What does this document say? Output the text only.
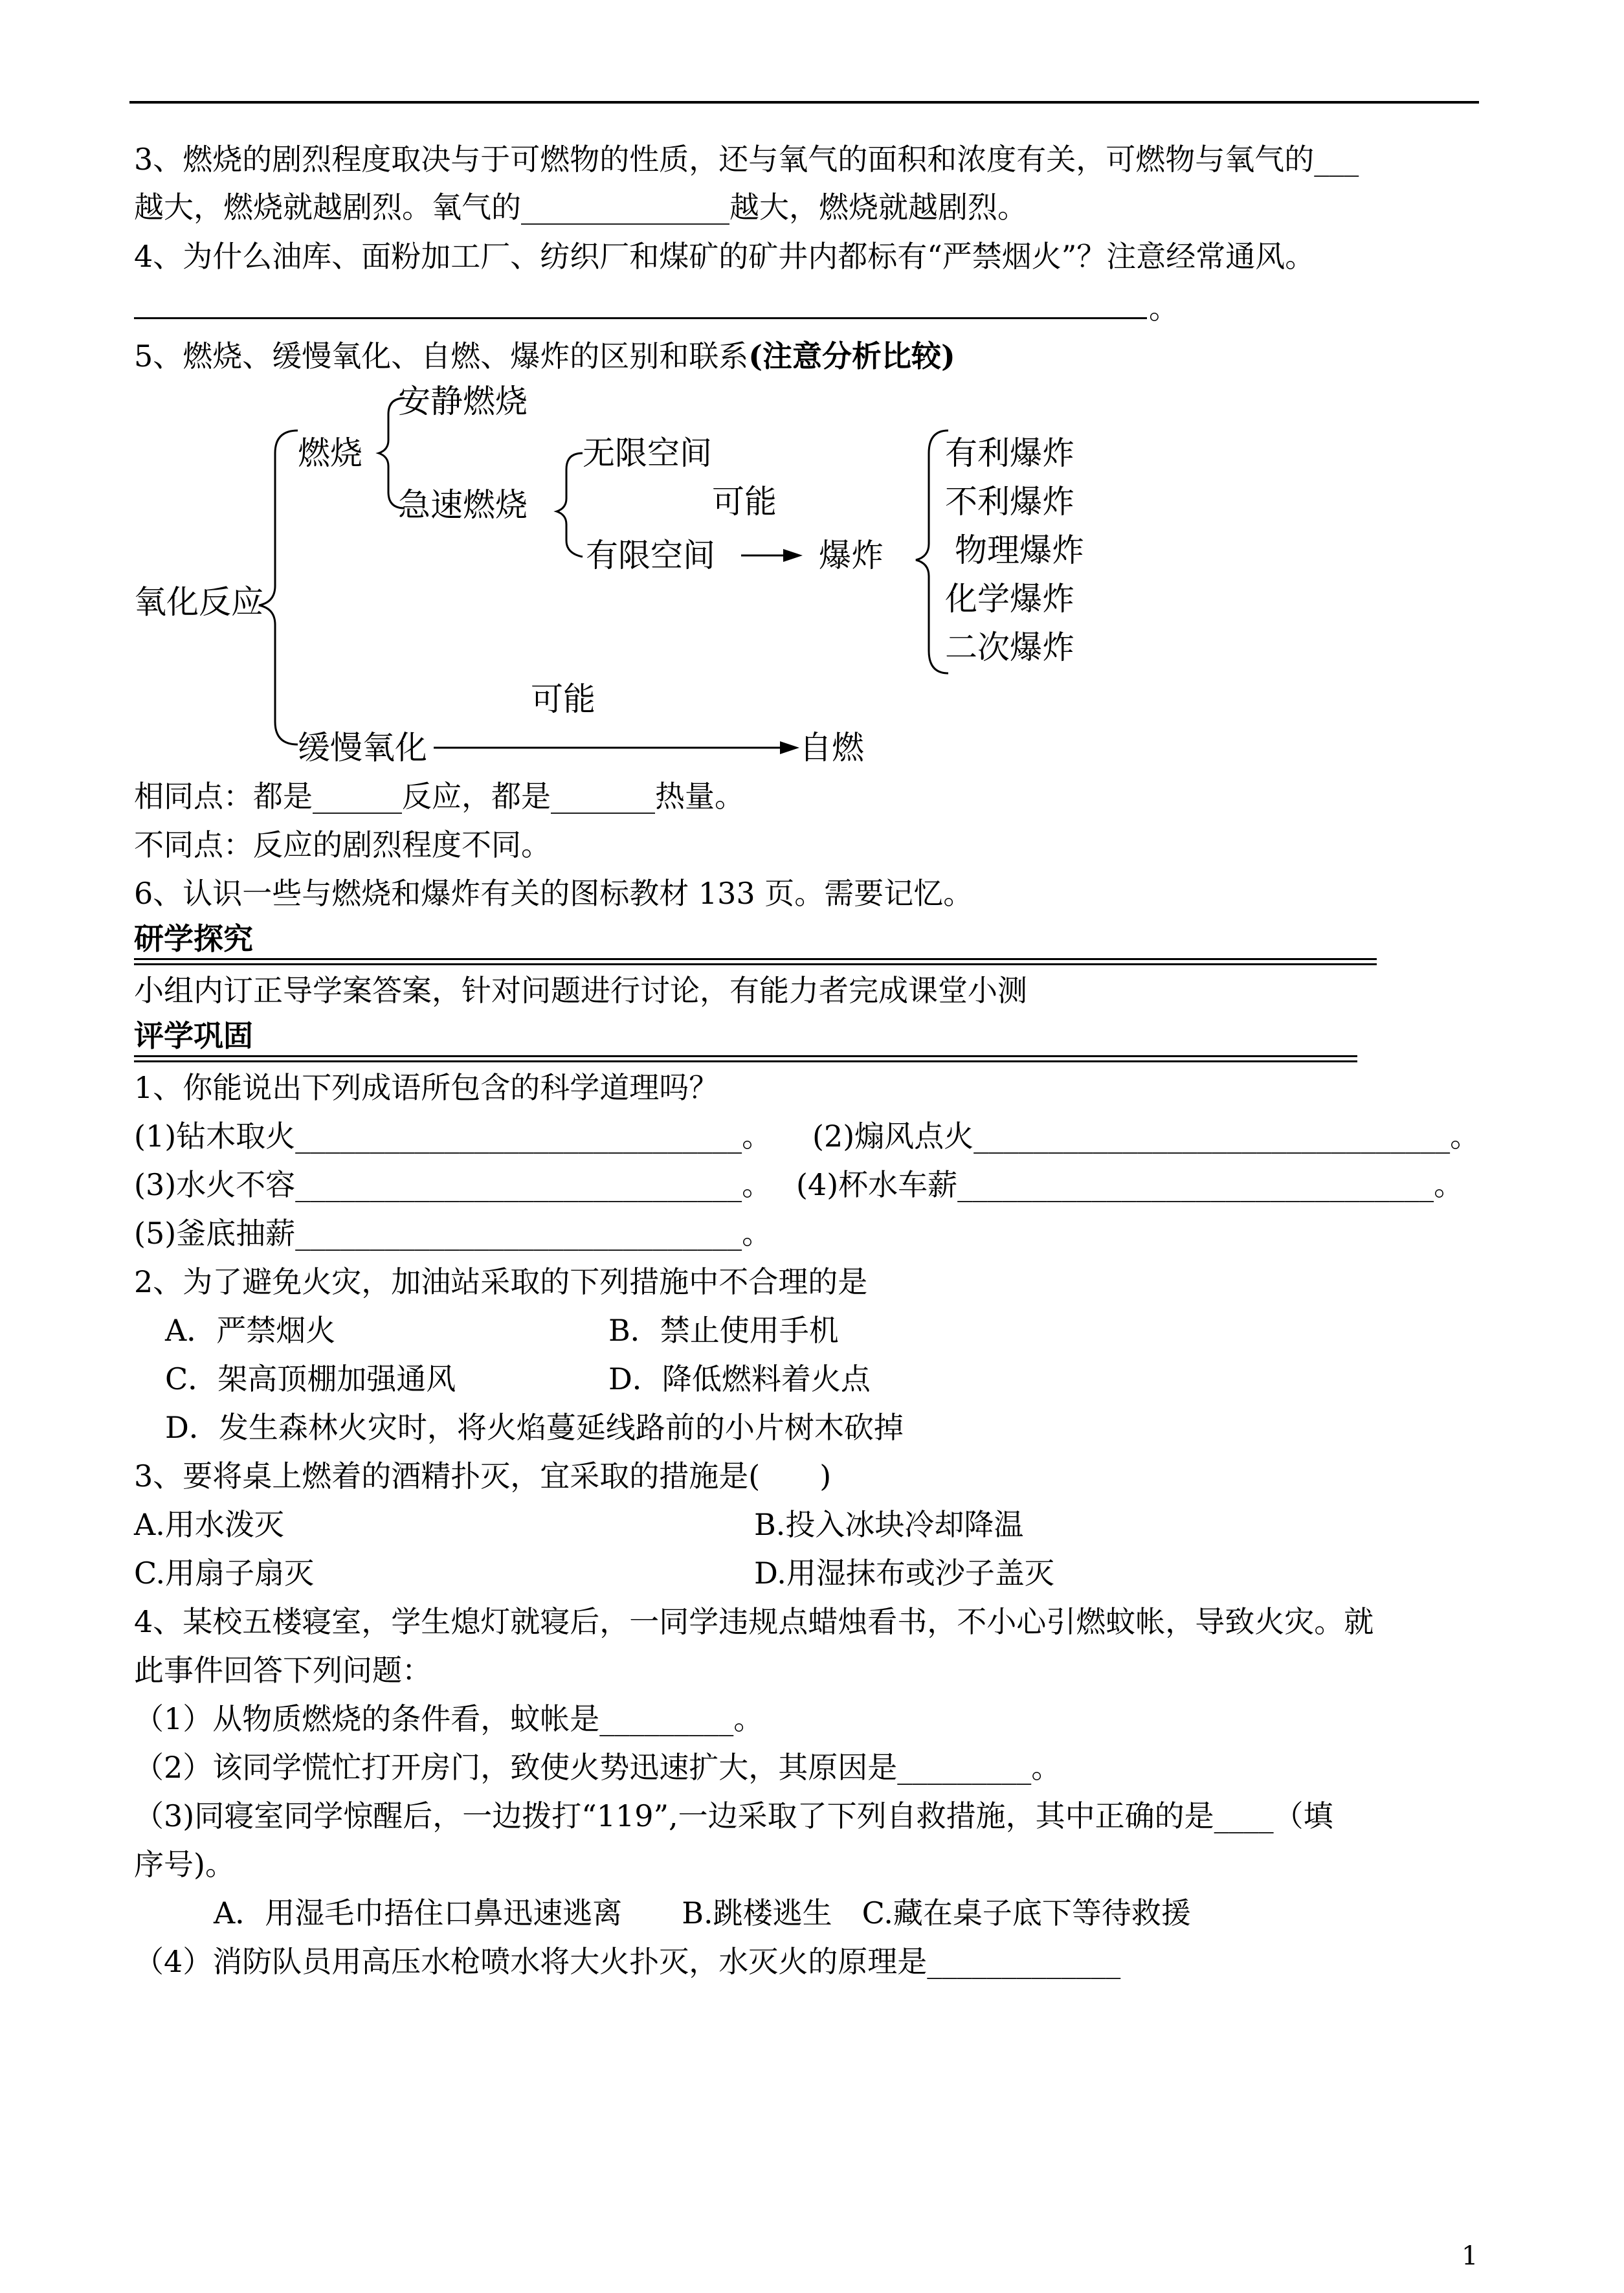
3、燃烧的剧烈程度取决与于可燃物的性质，还与氧气的面积和浓度有关，可燃物与氧气的___
越大，燃烧就越剧烈。氧气的______________越大，燃烧就越剧烈。
4、为什么油库、面粉加工厂、纺织厂和煤矿的矿井内都标有“严禁烟火”？注意经常通风。
。
5、燃烧、缓慢氧化、自燃、爆炸的区别和联系(注意分析比较)
氧化反应
燃烧
安静燃烧
急速燃烧
无限空间
可能
有限空间	爆炸
有利爆炸
不利爆炸
物理爆炸
化学爆炸
二次爆炸
可能
缓慢氧化	自燃
相同点：都是______反应，都是_______热量。
不同点：反应的剧烈程度不同。
6、认识一些与燃烧和爆炸有关的图标教材 133 页。需要记忆。
研学探究
小组内订正导学案答案，针对问题进行讨论，有能力者完成课堂小测
评学巩固
1、你能说出下列成语所包含的科学道理吗？
(1)钻木取火______________________________。 (2)煽风点火________________________________。
(3)水火不容______________________________。 (4)杯水车薪________________________________。
(5)釜底抽薪______________________________。
2、为了避免火灾，加油站采取的下列措施中不合理的是
A．严禁烟火	B．禁止使用手机
C．架高顶棚加强通风	D．降低燃料着火点
D．发生森林火灾时，将火焰蔓延线路前的小片树木砍掉
3、要将桌上燃着的酒精扑灭，宜采取的措施是(　　)
A.用水泼灭	B.投入冰块冷却降温
C.用扇子扇灭	D.用湿抹布或沙子盖灭
4、某校五楼寝室，学生熄灯就寝后，一同学违规点蜡烛看书，不小心引燃蚊帐，导致火灾。就
此事件回答下列问题：
（1）从物质燃烧的条件看，蚊帐是_________。
（2）该同学慌忙打开房门，致使火势迅速扩大，其原因是_________。
（3)同寝室同学惊醒后，一边拨打“119”,一边采取了下列自救措施，其中正确的是____（填
序号)。
A．用湿毛巾捂住口鼻迅速逃离　　B.跳楼逃生　C.藏在桌子底下等待救援
（4）消防队员用高压水枪喷水将大火扑灭，水灭火的原理是_____________
1
